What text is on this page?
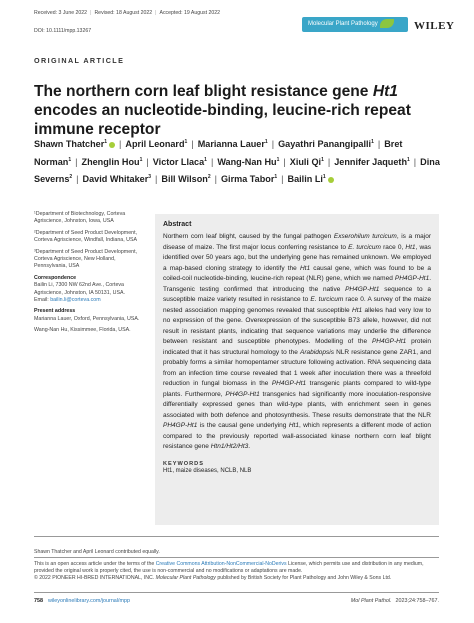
Received: 3 June 2022 | Revised: 18 August 2022 | Accepted: 19 August 2022
DOI: 10.1111/mpp.13267
Molecular Plant Pathology	WILEY
ORIGINAL ARTICLE
The northern corn leaf blight resistance gene Ht1 encodes an nucleotide-binding, leucine-rich repeat immune receptor
Shawn Thatcher$^1$ | April Leonard$^1$ | Marianna Lauer$^1$ | Gayathri Panangipalli$^1$ | Bret Norman$^1$ | Zhenglin Hou$^1$ | Victor Llaca$^1$ | Wang-Nan Hu$^1$ | Xiuli Qi$^1$ | Jennifer Jaqueth$^1$ | Dina Severns$^2$ | David Whitaker$^3$ | Bill Wilson$^2$ | Girma Tabor$^1$ | Bailin Li$^1$

¹Department of Biotechnology, Corteva Agriscience, Johnston, Iowa, USA

²Department of Seed Product Development, Corteva Agriscience, Windfall, Indiana, USA

³Department of Seed Product Development, Corteva Agriscience, New Holland, Pennsylvania, USA

Correspondence

Bailin Li, 7300 NW 62nd Ave., Corteva Agriscience, Johnston, IA 50131, USA.
Email: bailin.li@corteva.com

Present address

Marianna Lauer, Oxford, Pennsylvania, USA.

Wang-Nan Hu, Kissimmee, Florida, USA.

Abstract

Northern corn leaf blight, caused by the fungal pathogen Exserohilum turcicum, is a major disease of maize. The first major locus conferring resistance to E. turcicum race 0, Ht1, was identified over 50 years ago, but the underlying gene has remained unknown. We employed a map-based cloning strategy to identify the Ht1 causal gene, which was found to be a coiled-coil nucleotide-binding, leucine-rich repeat (NLR) gene, which we named PH4GP-Ht1. Transgenic testing confirmed that introducing the native PH4GP-Ht1 sequence to a susceptible maize variety resulted in resistance to E. turcicum race 0. A survey of the maize nested association mapping genomes revealed that susceptible Ht1 alleles had very low to no expression of the gene. Overexpression of the susceptible B73 allele, however, did not result in resistant plants, indicating that sequence variations may underlie the difference between resistant and susceptible phenotypes. Modelling of the PH4GP-Ht1 protein indicated that it has structural homology to the Arabidopsis NLR resistance gene ZAR1, and probably forms a similar homopentamer structure following activation. RNA sequencing data from an infection time course revealed that 1 week after inoculation there was a threefold reduction in fungal biomass in the PH4GP-Ht1 transgenic plants compared to wild-type plants. Furthermore, PH4GP-Ht1 transgenics had significantly more inoculation-responsive differentially expressed genes than wild-type plants, with enrichment seen in genes associated with both defence and photosynthesis. These results demonstrate that the NLR PH4GP-Ht1 is the causal gene underlying Ht1, which represents a different mode of action compared to the previously reported wall-associated kinase northern corn leaf blight resistance gene Htn1/Ht2/Ht3.

KEYWORDS

Ht1, maize diseases, NCLB, NLB

Shawn Thatcher and April Leonard contributed equally.

This is an open access article under the terms of the Creative Commons Attribution-NonCommercial-NoDerivs License, which permits use and distribution in any medium, provided the original work is properly cited, the use is non-commercial and no modifications or adaptations are made.
© 2022 PIONEER HI-BRED INTERNATIONAL, INC. Molecular Plant Pathology published by British Society for Plant Pathology and John Wiley & Sons Ltd.

758 wileyonlinelibrary.com/journal/mpp	Mol Plant Pathol. 2023;24:758–767.
